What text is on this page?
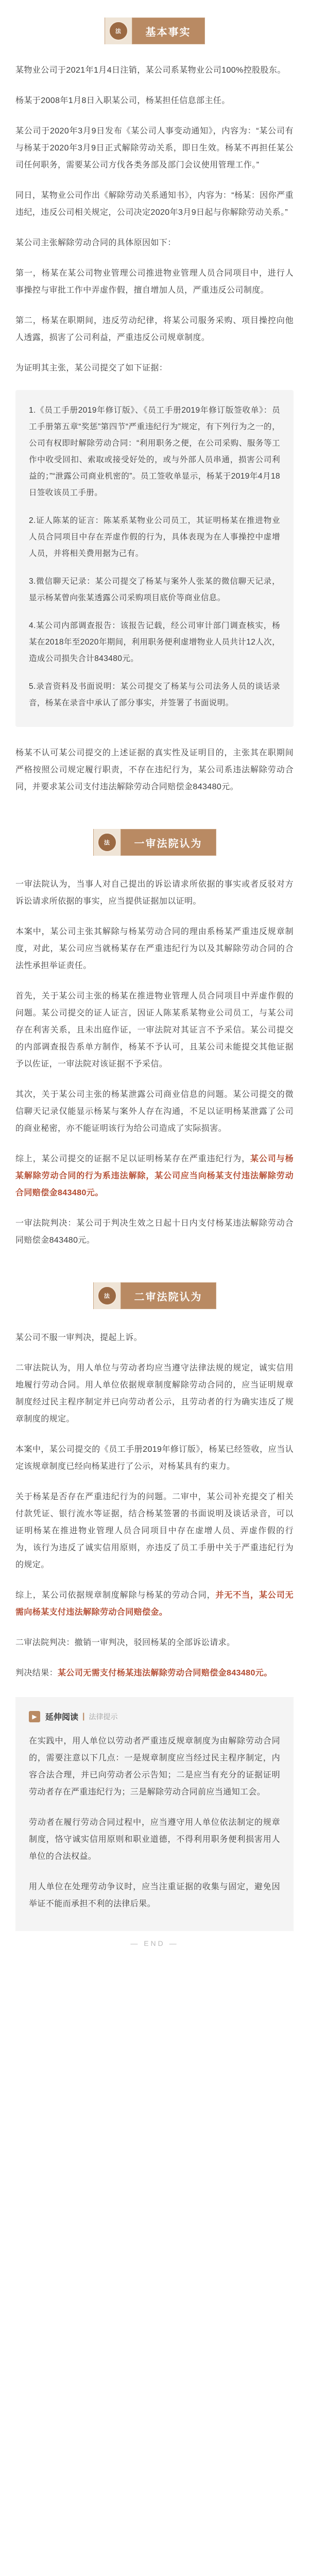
法	基本事实

某物业公司于2021年1月4日注销，某公司系某物业公司100%控股股东。

杨某于2008年1月8日入职某公司，杨某担任信息部主任。

某公司于2020年3月9日发布《某公司人事变动通知》，内容为：“某公司有与杨某于2020年3月9日正式解除劳动关系，即日生效。杨某不再担任某公司任何职务，需要某公司方伐各类务部及部门会议使用管理工作。”

同日，某物业公司作出《解除劳动关系通知书》，内容为：“杨某：因你严重违纪，违反公司相关规定，公司决定2020年3月9日起与你解除劳动关系。”

某公司主张解除劳动合同的具体原因如下：

第一，杨某在某公司物业管理公司推进物业管理人员合同项目中，进行人事操控与审批工作中弄虚作假，擅自增加人员，严重违反公司制度。

第二，杨某在职期间，违反劳动纪律，将某公司服务采购、项目操控向他人透露，损害了公司利益，严重违反公司规章制度。

为证明其主张，某公司提交了如下证据：

1.《员工手册2019年修订版》、《员工手册2019年修订版签收单》：员工手册第五章“奖惩”第四节“严重违纪行为”规定，有下列行为之一的，公司有权即时解除劳动合同：“利用职务之便，在公司采购、服务等工作中收受回扣、索取或接受好处的，或与外部人员串通，损害公司利益的；”“泄露公司商业机密的”。员工签收单显示，杨某于2019年4月18日签收该员工手册。

2.证人陈某的证言：陈某系某物业公司员工，其证明杨某在推进物业人员合同项目中存在弄虚作假的行为，具体表现为在人事操控中虚增人员，并将相关费用据为己有。

3.微信聊天记录：某公司提交了杨某与案外人张某的微信聊天记录，显示杨某曾向张某透露公司采购项目底价等商业信息。

4.某公司内部调查报告：该报告记载，经公司审计部门调查核实，杨某在2018年至2020年期间，利用职务便利虚增物业人员共计12人次，造成公司损失合计843480元。

5.录音资料及书面说明：某公司提交了杨某与公司法务人员的谈话录音，杨某在录音中承认了部分事实，并签署了书面说明。

杨某不认可某公司提交的上述证据的真实性及证明目的，主张其在职期间严格按照公司规定履行职责，不存在违纪行为，某公司系违法解除劳动合同，并要求某公司支付违法解除劳动合同赔偿金843480元。

法	一审法院认为

一审法院认为，当事人对自己提出的诉讼请求所依据的事实或者反驳对方诉讼请求所依据的事实，应当提供证据加以证明。

本案中，某公司主张其解除与杨某劳动合同的理由系杨某严重违反规章制度，对此，某公司应当就杨某存在严重违纪行为以及其解除劳动合同的合法性承担举证责任。

首先，关于某公司主张的杨某在推进物业管理人员合同项目中弄虚作假的问题。某公司提交的证人证言，因证人陈某系某物业公司员工，与某公司存在利害关系，且未出庭作证，一审法院对其证言不予采信。某公司提交的内部调查报告系单方制作，杨某不予认可，且某公司未能提交其他证据予以佐证，一审法院对该证据不予采信。

其次，关于某公司主张的杨某泄露公司商业信息的问题。某公司提交的微信聊天记录仅能显示杨某与案外人存在沟通，不足以证明杨某泄露了公司的商业秘密，亦不能证明该行为给公司造成了实际损害。

综上，某公司提交的证据不足以证明杨某存在严重违纪行为，某公司与杨某解除劳动合同的行为系违法解除，某公司应当向杨某支付违法解除劳动合同赔偿金843480元。

一审法院判决：某公司于判决生效之日起十日内支付杨某违法解除劳动合同赔偿金843480元。

法	二审法院认为

某公司不服一审判决，提起上诉。

二审法院认为，用人单位与劳动者均应当遵守法律法规的规定，诚实信用地履行劳动合同。用人单位依据规章制度解除劳动合同的，应当证明规章制度经过民主程序制定并已向劳动者公示，且劳动者的行为确实违反了规章制度的规定。

本案中，某公司提交的《员工手册2019年修订版》，杨某已经签收，应当认定该规章制度已经向杨某进行了公示，对杨某具有约束力。

关于杨某是否存在严重违纪行为的问题。二审中，某公司补充提交了相关付款凭证、银行流水等证据，结合杨某签署的书面说明及谈话录音，可以证明杨某在推进物业管理人员合同项目中存在虚增人员、弄虚作假的行为，该行为违反了诚实信用原则，亦违反了员工手册中关于严重违纪行为的规定。

综上，某公司依据规章制度解除与杨某的劳动合同，并无不当，某公司无需向杨某支付违法解除劳动合同赔偿金。

二审法院判决：撤销一审判决，驳回杨某的全部诉讼请求。

判决结果：某公司无需支付杨某违法解除劳动合同赔偿金843480元。

▶	延伸阅读 | 法律提示

在实践中，用人单位以劳动者严重违反规章制度为由解除劳动合同的，需要注意以下几点：一是规章制度应当经过民主程序制定，内容合法合理，并已向劳动者公示告知；二是应当有充分的证据证明劳动者存在严重违纪行为；三是解除劳动合同前应当通知工会。

劳动者在履行劳动合同过程中，应当遵守用人单位依法制定的规章制度，恪守诚实信用原则和职业道德，不得利用职务便利损害用人单位的合法权益。

用人单位在处理劳动争议时，应当注重证据的收集与固定，避免因举证不能而承担不利的法律后果。

— END —
